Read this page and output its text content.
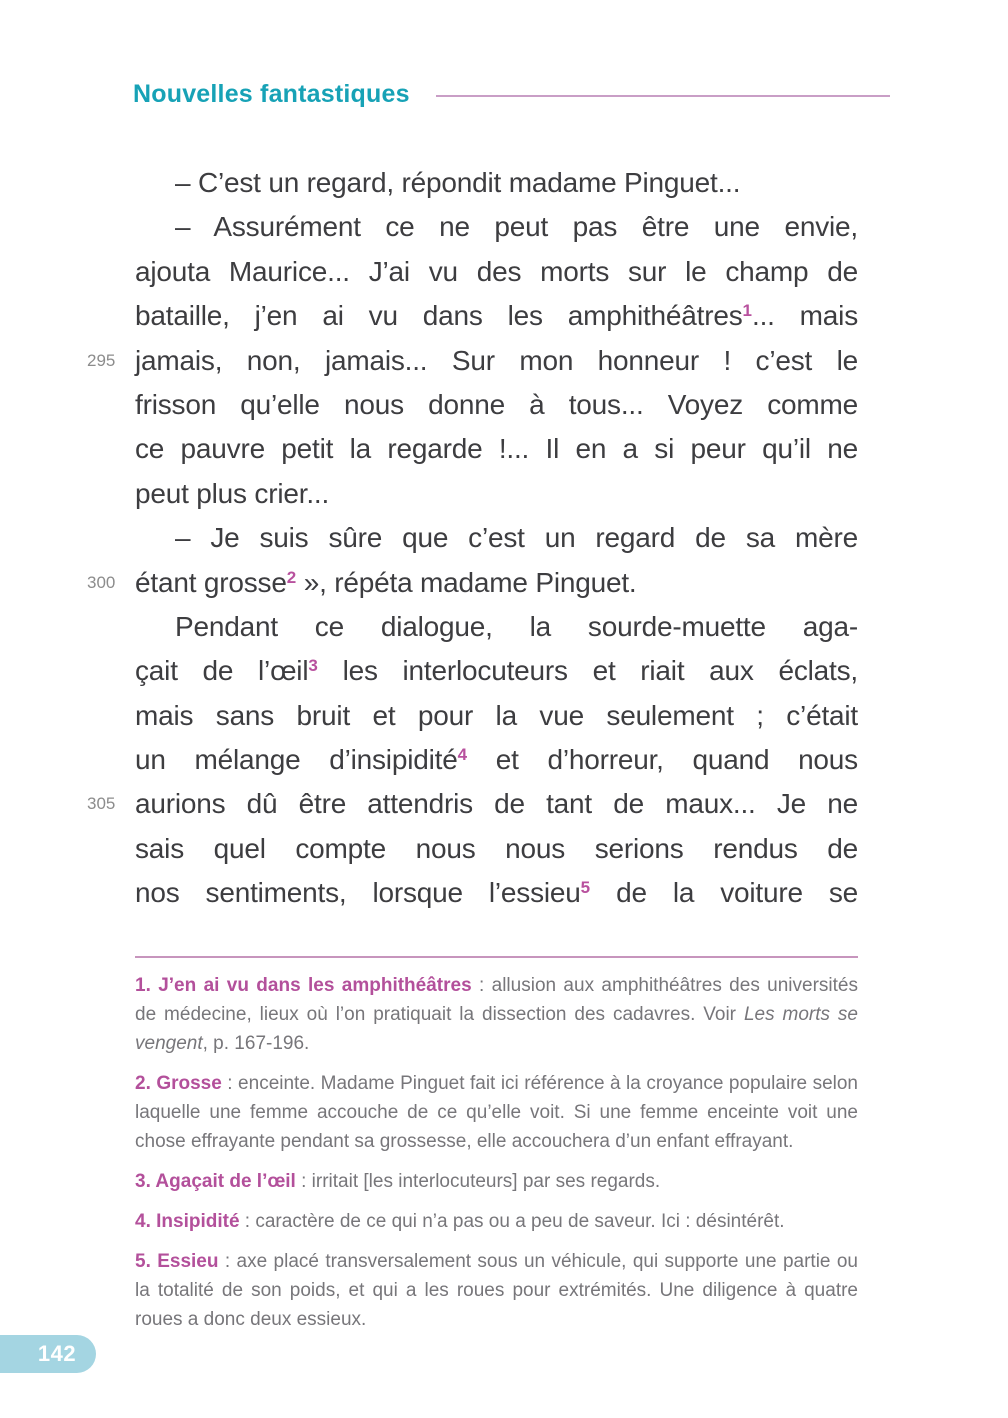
Nouvelles fantastiques
– C’est un regard, répondit madame Pinguet...
– Assurément ce ne peut pas être une envie,
ajouta Maurice... J’ai vu des morts sur le champ de
bataille, j’en ai vu dans les amphithéâtres$^1$... mais
295 jamais, non, jamais... Sur mon honneur ! c’est le
frisson qu’elle nous donne à tous... Voyez comme
ce pauvre petit la regarde !... Il en a si peur qu’il ne
peut plus crier...
– Je suis sûre que c’est un regard de sa mère
300 étant grosse$^2$ », répéta madame Pinguet.
Pendant ce dialogue, la sourde-muette aga-
çait de l’œil$^3$ les interlocuteurs et riait aux éclats,
mais sans bruit et pour la vue seulement ; c’était
un mélange d’insipidité$^4$ et d’horreur, quand nous
305 aurions dû être attendris de tant de maux... Je ne
sais quel compte nous nous serions rendus de
nos sentiments, lorsque l’essieu$^5$ de la voiture se

1. J’en ai vu dans les amphithéâtres : allusion aux amphithéâtres des universités de médecine, lieux où l’on pratiquait la dissection des cadavres. Voir Les morts se vengent, p. 167-196.

2. Grosse : enceinte. Madame Pinguet fait ici référence à la croyance populaire selon laquelle une femme accouche de ce qu’elle voit. Si une femme enceinte voit une chose effrayante pendant sa grossesse, elle accouchera d’un enfant effrayant.

3. Agaçait de l’œil : irritait [les interlocuteurs] par ses regards.

4. Insipidité : caractère de ce qui n’a pas ou a peu de saveur. Ici : désintérêt.

5. Essieu : axe placé transversalement sous un véhicule, qui supporte une partie ou la totalité de son poids, et qui a les roues pour extrémités. Une diligence à quatre roues a donc deux essieux.

142
